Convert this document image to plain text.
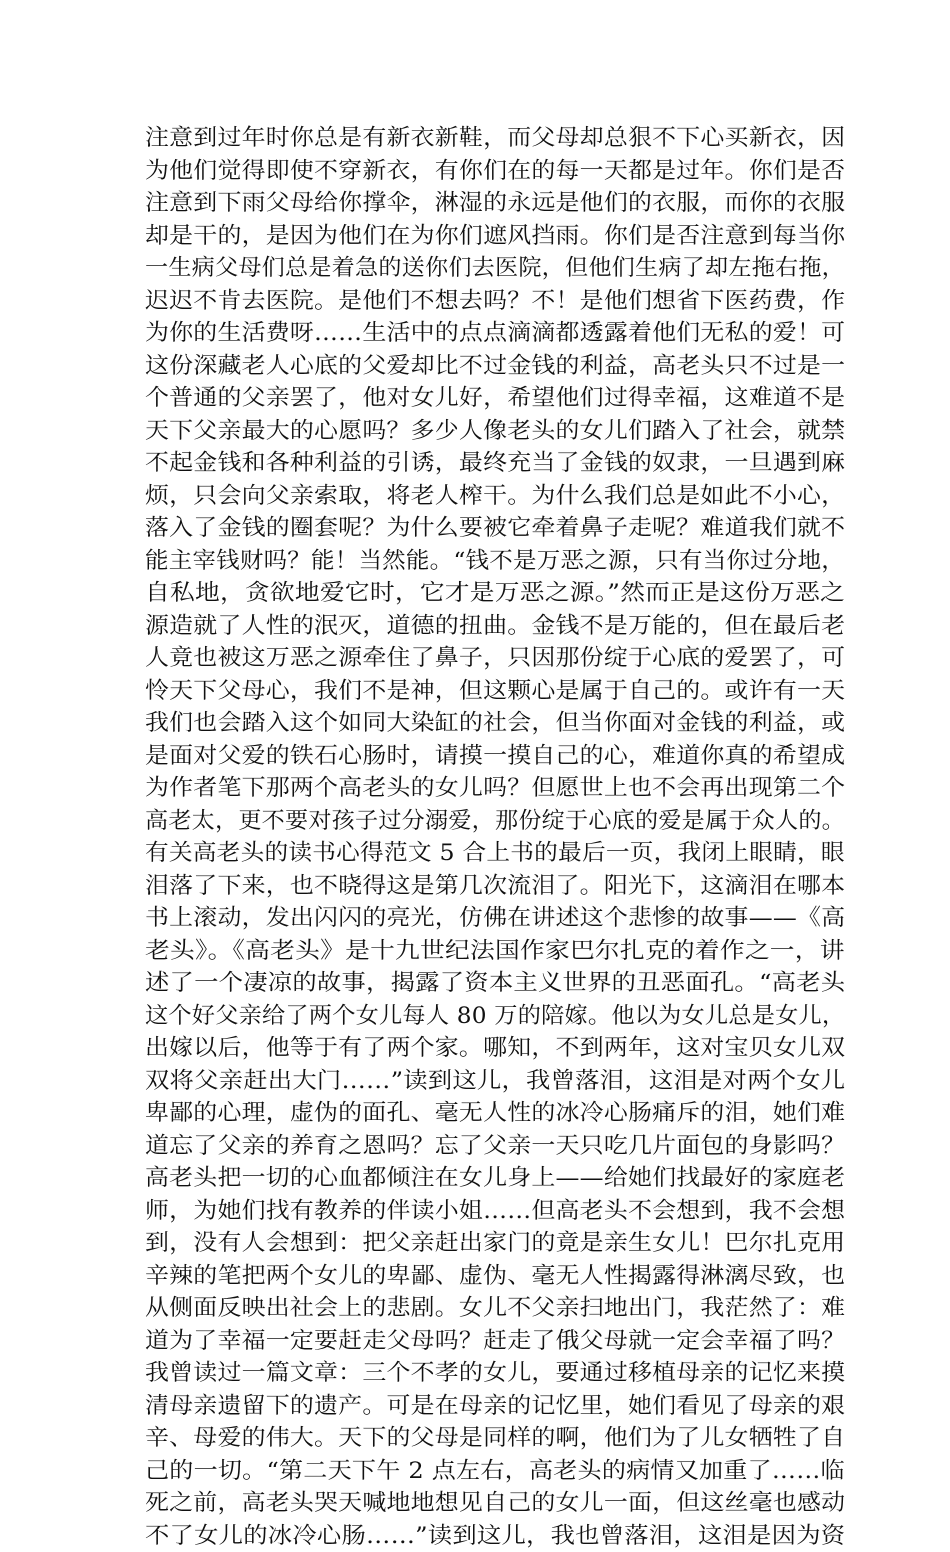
注意到过年时你总是有新衣新鞋，而父母却总狠不下心买新衣，因
为他们觉得即使不穿新衣，有你们在的每一天都是过年。你们是否
注意到下雨父母给你撑伞，淋湿的永远是他们的衣服，而你的衣服
却是干的，是因为他们在为你们遮风挡雨。你们是否注意到每当你
一生病父母们总是着急的送你们去医院，但他们生病了却左拖右拖，
迟迟不肯去医院。是他们不想去吗？不！是他们想省下医药费，作
为你的生活费呀……生活中的点点滴滴都透露着他们无私的爱！可
这份深藏老人心底的父爱却比不过金钱的利益，高老头只不过是一
个普通的父亲罢了，他对女儿好，希望他们过得幸福，这难道不是
天下父亲最大的心愿吗？多少人像老头的女儿们踏入了社会，就禁
不起金钱和各种利益的引诱，最终充当了金钱的奴隶，一旦遇到麻
烦，只会向父亲索取，将老人榨干。为什么我们总是如此不小心，
落入了金钱的圈套呢？为什么要被它牵着鼻子走呢？难道我们就不
能主宰钱财吗？能！当然能。“钱不是万恶之源，只有当你过分地，
自私地，贪欲地爱它时，它才是万恶之源。”然而正是这份万恶之
源造就了人性的泯灭，道德的扭曲。金钱不是万能的，但在最后老
人竟也被这万恶之源牵住了鼻子，只因那份绽于心底的爱罢了，可
怜天下父母心，我们不是神，但这颗心是属于自己的。或许有一天
我们也会踏入这个如同大染缸的社会，但当你面对金钱的利益，或
是面对父爱的铁石心肠时，请摸一摸自己的心，难道你真的希望成
为作者笔下那两个高老头的女儿吗？但愿世上也不会再出现第二个
高老太，更不要对孩子过分溺爱，那份绽于心底的爱是属于众人的。
有关高老头的读书心得范文 5 合上书的最后一页，我闭上眼睛，眼
泪落了下来，也不晓得这是第几次流泪了。阳光下，这滴泪在哪本
书上滚动，发出闪闪的亮光，仿佛在讲述这个悲惨的故事——《高
老头》。《高老头》是十九世纪法国作家巴尔扎克的着作之一，讲
述了一个凄凉的故事，揭露了资本主义世界的丑恶面孔。“高老头
这个好父亲给了两个女儿每人 80 万的陪嫁。他以为女儿总是女儿，
出嫁以后，他等于有了两个家。哪知，不到两年，这对宝贝女儿双
双将父亲赶出大门……”读到这儿，我曾落泪，这泪是对两个女儿
卑鄙的心理，虚伪的面孔、毫无人性的冰冷心肠痛斥的泪，她们难
道忘了父亲的养育之恩吗？忘了父亲一天只吃几片面包的身影吗？
高老头把一切的心血都倾注在女儿身上——给她们找最好的家庭老
师，为她们找有教养的伴读小姐……但高老头不会想到，我不会想
到，没有人会想到：把父亲赶出家门的竟是亲生女儿！巴尔扎克用
辛辣的笔把两个女儿的卑鄙、虚伪、毫无人性揭露得淋漓尽致，也
从侧面反映出社会上的悲剧。女儿不父亲扫地出门，我茫然了：难
道为了幸福一定要赶走父母吗？赶走了俄父母就一定会幸福了吗？
我曾读过一篇文章：三个不孝的女儿，要通过移植母亲的记忆来摸
清母亲遗留下的遗产。可是在母亲的记忆里，她们看见了母亲的艰
辛、母爱的伟大。天下的父母是同样的啊，他们为了儿女牺牲了自
己的一切。“第二天下午 2 点左右，高老头的病情又加重了……临
死之前，高老头哭天喊地地想见自己的女儿一面，但这丝毫也感动
不了女儿的冰冷心肠……”读到这儿，我也曾落泪，这泪是因为资
